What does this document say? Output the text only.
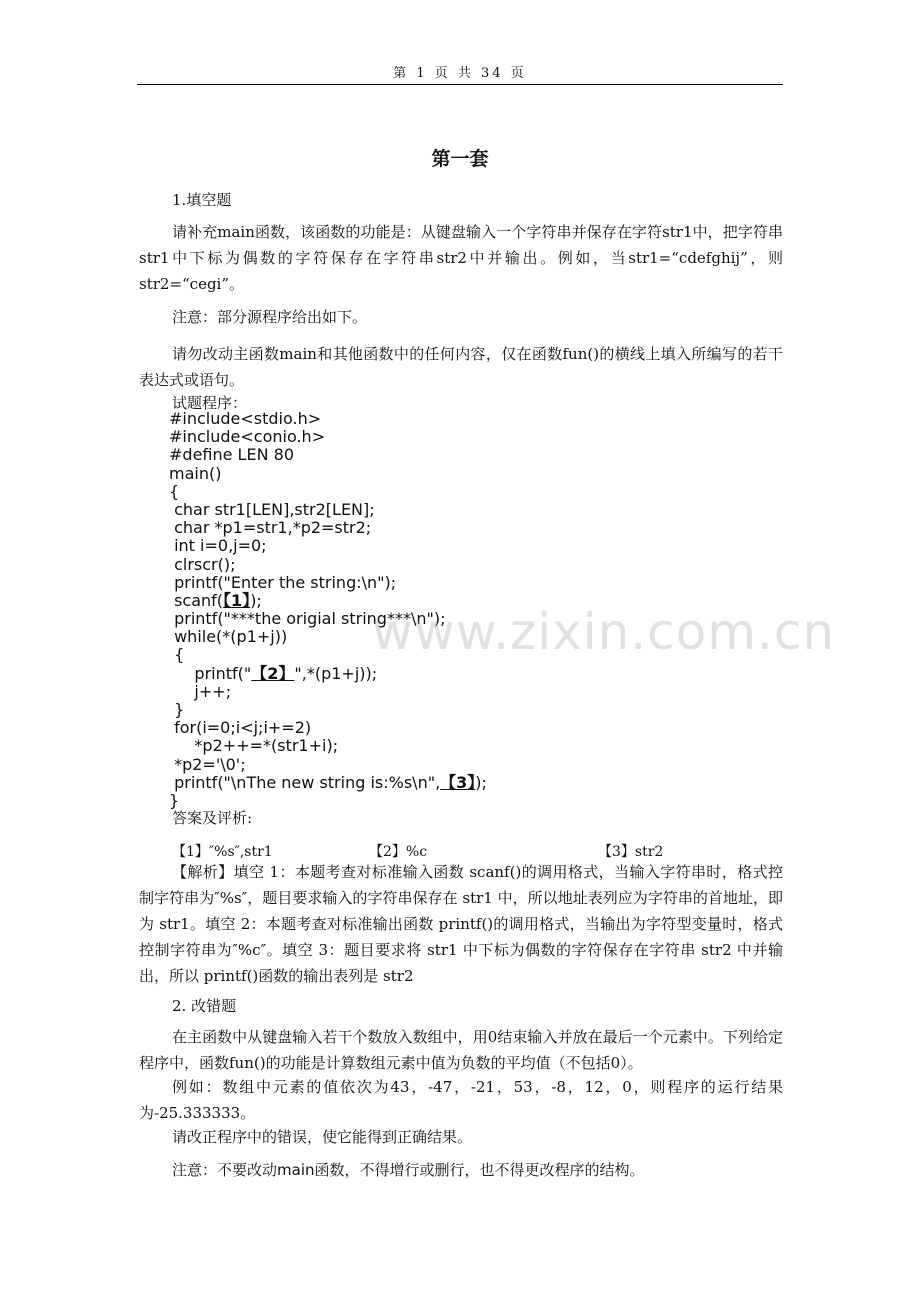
第 1 页 共 34 页
第一套
1.填空题
请补充main函数，该函数的功能是：从键盘输入一个字符串并保存在字符str1中，把字符串str1中下标为偶数的字符保存在字符串str2中并输出。例如，当str1=“cdefghij”，则str2=“cegi”。
注意：部分源程序给出如下。
请勿改动主函数main和其他函数中的任何内容，仅在函数fun()的横线上填入所编写的若干表达式或语句。
试题程序：
#include<stdio.h>
#include<conio.h>
#define LEN 80
main()
{
char str1[LEN],str2[LEN];
char *p1=str1,*p2=str2;
int i=0,j=0;
clrscr();
printf("Enter the string:\n");
scanf(【1】);
printf("***the origial string***\n");
while(*(p1+j))
{
printf("【2】",*(p1+j));
j++;
}
for(i=0;i<j;i+=2)
*p2++=*(str1+i);
*p2='\0';
printf("\nThe new string is:%s\n",【3】);
}
www.zixin.com.cn
答案及评析:
【1】″%s″,str1	【2】%c	【3】str2
【解析】填空 1：本题考查对标准输入函数 scanf()的调用格式，当输入字符串时，格式控制字符串为″%s″，题目要求输入的字符串保存在 str1 中，所以地址表列应为字符串的首地址，即为 str1。填空 2：本题考查对标准输出函数 printf()的调用格式，当输出为字符型变量时，格式控制字符串为″%c″。填空 3：题目要求将 str1 中下标为偶数的字符保存在字符串 str2 中并输出，所以 printf()函数的输出表列是 str2
2. 改错题
在主函数中从键盘输入若干个数放入数组中，用0结束输入并放在最后一个元素中。下列给定程序中，函数fun()的功能是计算数组元素中值为负数的平均值（不包括0）。
例如：数组中元素的值依次为43，-47，-21，53，-8，12，0，则程序的运行结果为-25.333333。
请改正程序中的错误，使它能得到正确结果。
注意：不要改动main函数，不得增行或删行，也不得更改程序的结构。
